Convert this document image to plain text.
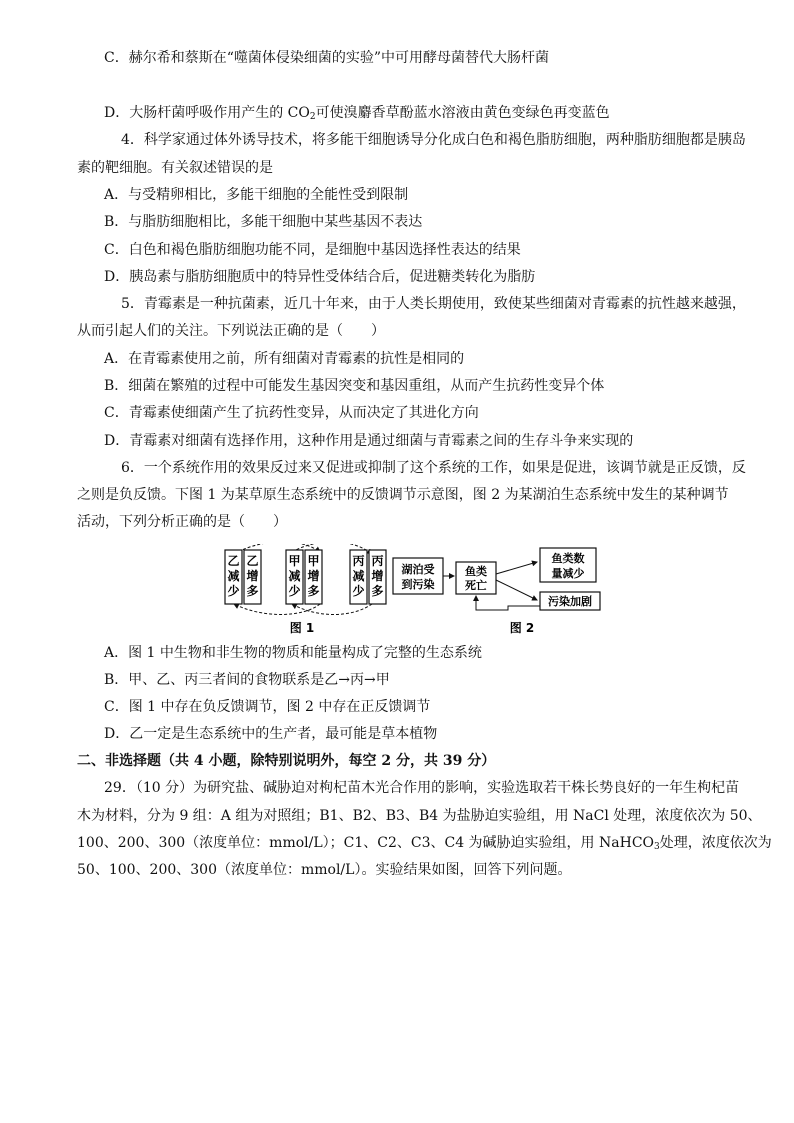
C．赫尔希和蔡斯在“噬菌体侵染细菌的实验”中可用酵母菌替代大肠杆菌
D．大肠杆菌呼吸作用产生的 $CO_2$可使溴麝香草酚蓝水溶液由黄色变绿色再变蓝色
4．科学家通过体外诱导技术，将多能干细胞诱导分化成白色和褐色脂肪细胞，两种脂肪细胞都是胰岛
素的靶细胞。有关叙述错误的是
A．与受精卵相比，多能干细胞的全能性受到限制
B．与脂肪细胞相比，多能干细胞中某些基因不表达
C．白色和褐色脂肪细胞功能不同，是细胞中基因选择性表达的结果
D．胰岛素与脂肪细胞质中的特异性受体结合后，促进糖类转化为脂肪
5．青霉素是一种抗菌素，近几十年来，由于人类长期使用，致使某些细菌对青霉素的抗性越来越强，
从而引起人们的关注。下列说法正确的是（　　）
A．在青霉素使用之前，所有细菌对青霉素的抗性是相同的
B．细菌在繁殖的过程中可能发生基因突变和基因重组，从而产生抗药性变异个体
C．青霉素使细菌产生了抗药性变异，从而决定了其进化方向
D．青霉素对细菌有选择作用，这种作用是通过细菌与青霉素之间的生存斗争来实现的
6．一个系统作用的效果反过来又促进或抑制了这个系统的工作，如果是促进，该调节就是正反馈，反
之则是负反馈。下图 1 为某草原生态系统中的反馈调节示意图，图 2 为某湖泊生态系统中发生的某种调节
活动，下列分析正确的是（　　）
A．图 1 中生物和非生物的物质和能量构成了完整的生态系统
B．甲、乙、丙三者间的食物联系是乙→丙→甲
C．图 1 中存在负反馈调节，图 2 中存在正反馈调节
D．乙一定是生态系统中的生产者，最可能是草本植物
二、非选择题（共 4 小题，除特别说明外，每空 2 分，共 39 分）
29．（10 分）为研究盐、碱胁迫对枸杞苗木光合作用的影响，实验选取若干株长势良好的一年生枸杞苗
木为材料，分为 9 组：A 组为对照组；B1、B2、B3、B4 为盐胁迫实验组，用 NaCl 处理，浓度依次为 50、
100、200、300（浓度单位：mmol/L）；C1、C2、C3、C4 为碱胁迫实验组，用 NaHCO$_3$处理，浓度依次为
50、100、200、300（浓度单位：mmol/L）。实验结果如图，回答下列问题。
乙
减
少
乙
增
多
甲
减
少
甲
增
多
丙
减
少
丙
增
多
图 1
湖泊受
到污染
鱼类
死亡
鱼类数
量减少
污染加剧
图 2
